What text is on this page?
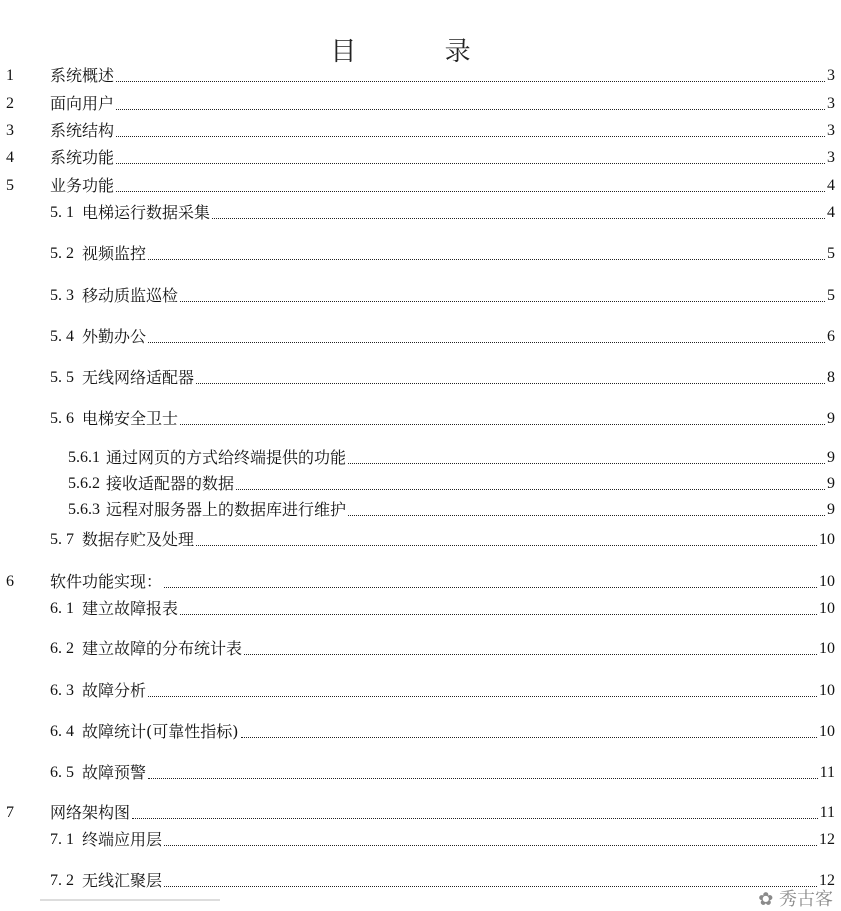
目 录
1 系统概述	3
2 面向用户	3
3 系统结构	3
4 系统功能	3
5 业务功能	4
5. 1 电梯运行数据采集	4
5. 2 视频监控	5
5. 3 移动质监巡检	5
5. 4 外勤办公	6
5. 5 无线网络适配器	8
5. 6 电梯安全卫士	9
5.6.1 通过网页的方式给终端提供的功能	9
5.6.2 接收适配器的数据	9
5.6.3 远程对服务器上的数据库进行维护	9
5. 7 数据存贮及处理	10
6 软件功能实现：	10
6. 1 建立故障报表	10
6. 2 建立故障的分布统计表	10
6. 3 故障分析	10
6. 4 故障统计(可靠性指标)	10
6. 5 故障预警	11
7 网络架构图	11
7. 1 终端应用层	12
7. 2 无线汇聚层	12
✿ 秀古客
